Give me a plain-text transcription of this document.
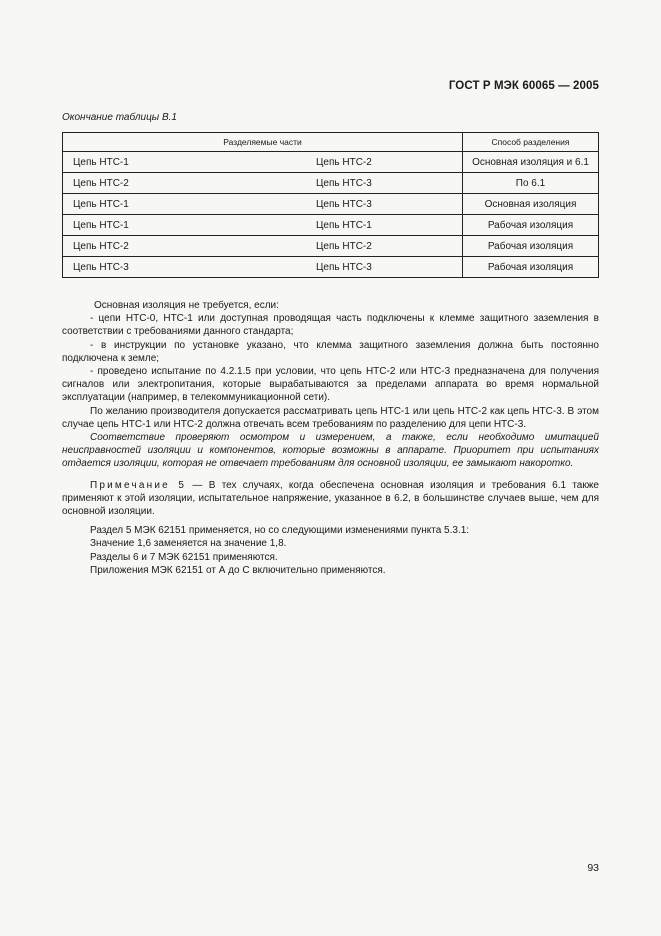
ГОСТ Р МЭК 60065 — 2005
Окончание таблицы В.1
Разделяемые части		Способ разделения
Цепь НТС-1	Цепь НТС-2	Основная изоляция и 6.1
Цепь НТС-2	Цепь НТС-3	По 6.1
Цепь НТС-1	Цепь НТС-3	Основная изоляция
Цепь НТС-1	Цепь НТС-1	Рабочая изоляция
Цепь НТС-2	Цепь НТС-2	Рабочая изоляция
Цепь НТС-3	Цепь НТС-3	Рабочая изоляция

Основная изоляция не требуется, если:

- цепи НТС-0, НТС-1 или доступная проводящая часть подключены к клемме защитного заземления в соответствии с требованиями данного стандарта;

- в инструкции по установке указано, что клемма защитного заземления должна быть постоянно подключена к земле;

- проведено испытание по 4.2.1.5 при условии, что цепь НТС-2 или НТС-3 предназначена для получения сигналов или электропитания, которые вырабатываются за пределами аппарата во время нормальной эксплуатации (например, в телекоммуникационной сети).

По желанию производителя допускается рассматривать цепь НТС-1 или цепь НТС-2 как цепь НТС-3. В этом случае цепь НТС-1 или НТС-2 должна отвечать всем требованиям по разделению для цепи НТС-3.

Соответствие проверяют осмотром и измерением, а также, если необходимо имитацией неисправностей изоляции и компонентов, которые возможны в аппарате. Приоритет при испытаниях отдается изоляции, которая не отвечает требованиям для основной изоляции, ее замыкают накоротко.

Примечание 5 — В тех случаях, когда обеспечена основная изоляция и требования 6.1 также применяют к этой изоляции, испытательное напряжение, указанное в 6.2, в большинстве случаев выше, чем для основной изоляции.

Раздел 5 МЭК 62151 применяется, но со следующими изменениями пункта 5.3.1:

Значение 1,6 заменяется на значение 1,8.

Разделы 6 и 7 МЭК 62151 применяются.

Приложения МЭК 62151 от А до С включительно применяются.

93
